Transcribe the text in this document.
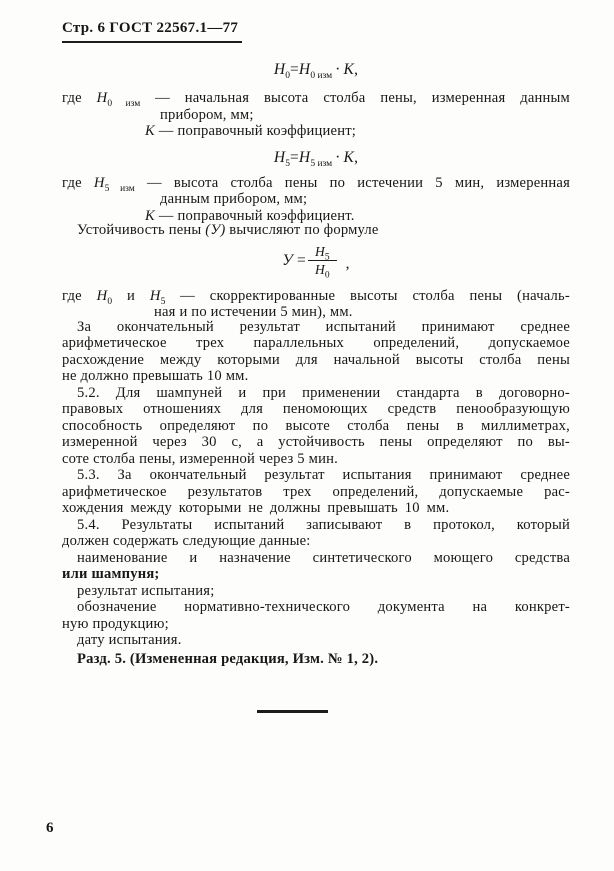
Стр. 6 ГОСТ 22567.1—77
$H_0=H_{0 изм} \cdot K$,
где $H_{0 изм}$ — начальная высота столба пены, измеренная данным
прибором, мм;
K — поправочный коэффициент;
$H_5=H_{5 изм} \cdot K$,
где $H_{5 изм}$ — высота столба пены по истечении 5 мин, измеренная
данным прибором, мм;
K — поправочный коэффициент.
Устойчивость пены (У) вычисляют по формуле
$У = \frac{H_5}{H_0}$ ,
где $H_0$ и $H_5$ — скорректированные высоты столба пены (началь-
ная и по истечении 5 мин), мм.
За окончательный результат испытаний принимают среднее
арифметическое трех параллельных определений, допускаемое
расхождение между которыми для начальной высоты столба пены
не должно превышать 10 мм.
5.2. Для шампуней и при применении стандарта в договорно-
правовых отношениях для пеномоющих средств пенообразующую
способность определяют по высоте столба пены в миллиметрах,
измеренной через 30 с, а устойчивость пены определяют по вы-
соте столба пены, измеренной через 5 мин.
5.3. За окончательный результат испытания принимают среднее
арифметическое результатов трех определений, допускаемые рас-
хождения между которыми не должны превышать 10 мм.
5.4. Результаты испытаний записывают в протокол, который
должен содержать следующие данные:
наименование и назначение синтетического моющего средства
или шампуня;
результат испытания;
обозначение нормативно-технического документа на конкрет-
ную продукцию;
дату испытания.
Разд. 5. (Измененная редакция, Изм. № 1, 2).
6
